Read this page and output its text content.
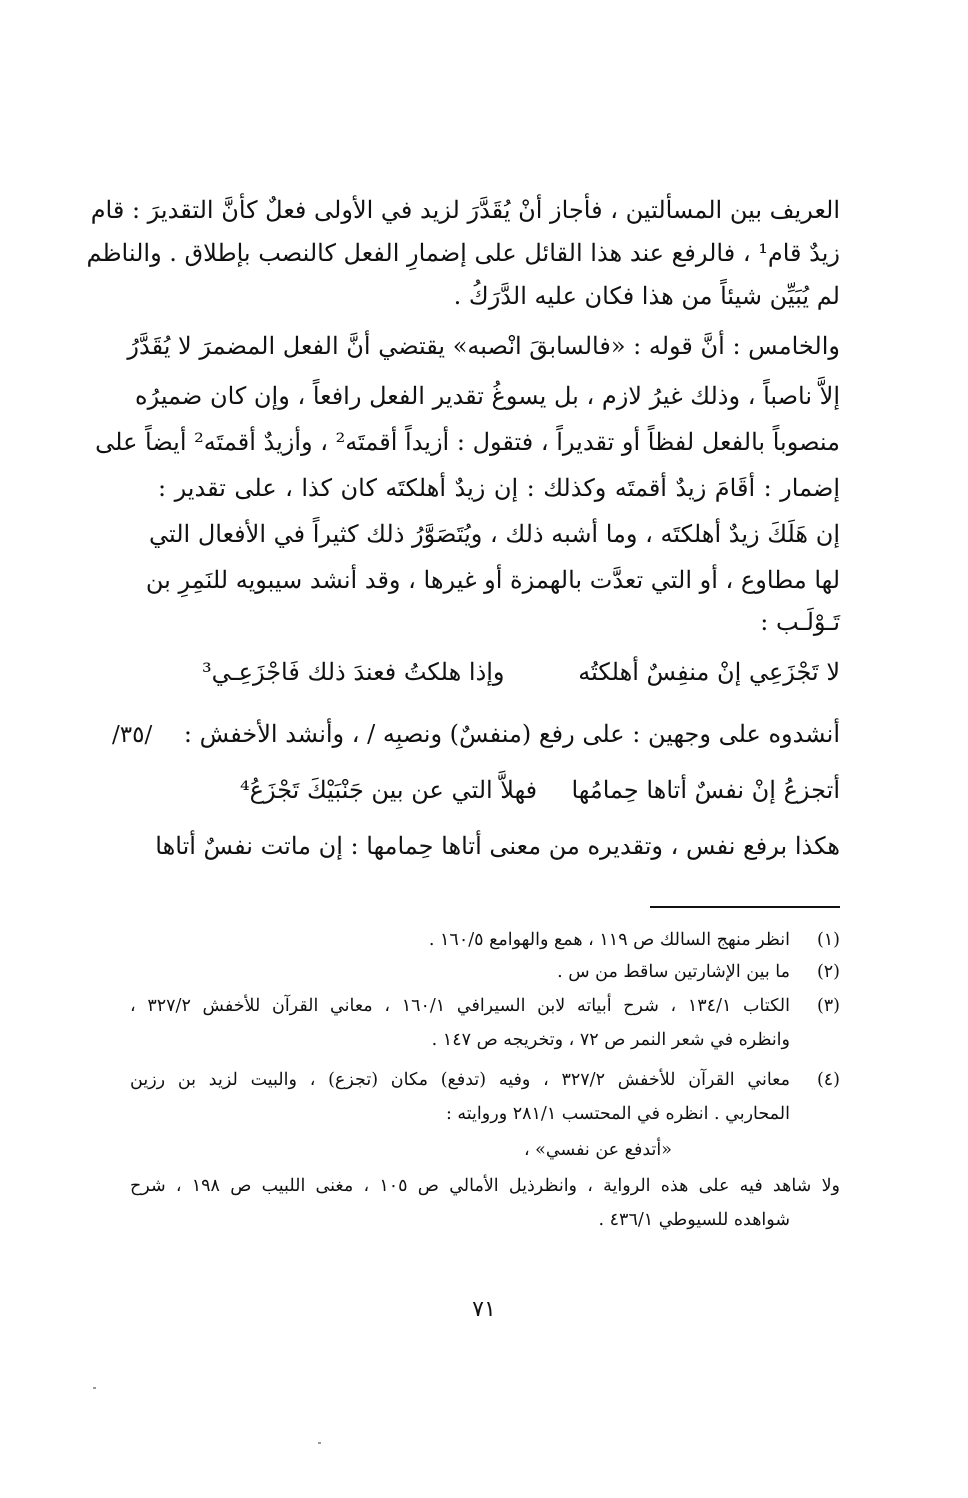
العريف بين المسألتين ، فأجاز أنْ يُقَدَّرَ لزيد في الأولى فعلٌ كأنَّ التقديرَ : قام
زيدٌ قام¹ ، فالرفع عند هذا القائل على إضمارِ الفعل كالنصب بإطلاق . والناظم
لم يُبَيِّن شيئاً من هذا فكان عليه الدَّرَكُ .
والخامس : أنَّ قوله : «فالسابقَ انْصبه» يقتضي أنَّ الفعل المضمرَ لا يُقَدَّرُ
إلاَّ ناصباً ، وذلك غيرُ لازم ، بل يسوغُ تقدير الفعل رافعاً ، وإن كان ضميرُه
منصوباً بالفعل لفظاً أو تقديراً ، فتقول : أزيداً أقمتَه² ، وأزيدٌ أقمتَه² أيضاً على
إضمار : أقَامَ زيدٌ أقمتَه وكذلك : إن زيدٌ أهلكتَه كان كذا ، على تقدير :
إن هَلَكَ زيدٌ أهلكتَه ، وما أشبه ذلك ، ويُتَصَوَّرُ ذلك كثيراً في الأفعال التي
لها مطاوع ، أو التي تعدَّت بالهمزة أو غيرها ، وقد أنشد سيبويه للنَمِرِ بن
تَـوْلَـب :
لا تَجْزَعِي إنْ منفِسٌ أهلكتُه
وإذا هلكتُ فعندَ ذلك فَاجْزَعِـي³
أنشدوه على وجهين : على رفع (منفسٌ) ونصبِه / ، وأنشد الأخفش :
/٣٥/
أتجزعُ إنْ نفسٌ أتاها حِمامُها
فهلاَّ التي عن بين جَنْبَيْكَ تَجْزَعُ⁴
هكذا برفع نفس ، وتقديره من معنى أتاها حِمامها : إن ماتت نفسٌ أتاها
(١)
انظر منهج السالك ص ١١٩ ، همع والهوامع ١٦٠/٥ .
(٢)
ما بين الإشارتين ساقط من س .
(٣)
الكتاب ١٣٤/١ ، شرح أبياته لابن السيرافي ١٦٠/١ ، معاني القرآن للأخفش ٣٢٧/٢ ،
وانظره في شعر النمر ص ٧٢ ، وتخريجه ص ١٤٧ .
(٤)
معاني القرآن للأخفش ٣٢٧/٢ ، وفيه (تدفع) مكان (تجزع) ، والبيت لزيد بن رزين
المحاربي . انظره في المحتسب ٢٨١/١ وروايته :
«أتدفع عن نفسي» ،
ولا شاهد فيه على هذه الرواية ، وانظرذيل الأمالي ص ١٠٥ ، مغنى اللبيب ص ١٩٨ ، شرح
شواهده للسيوطي ٤٣٦/١ .
٧١
